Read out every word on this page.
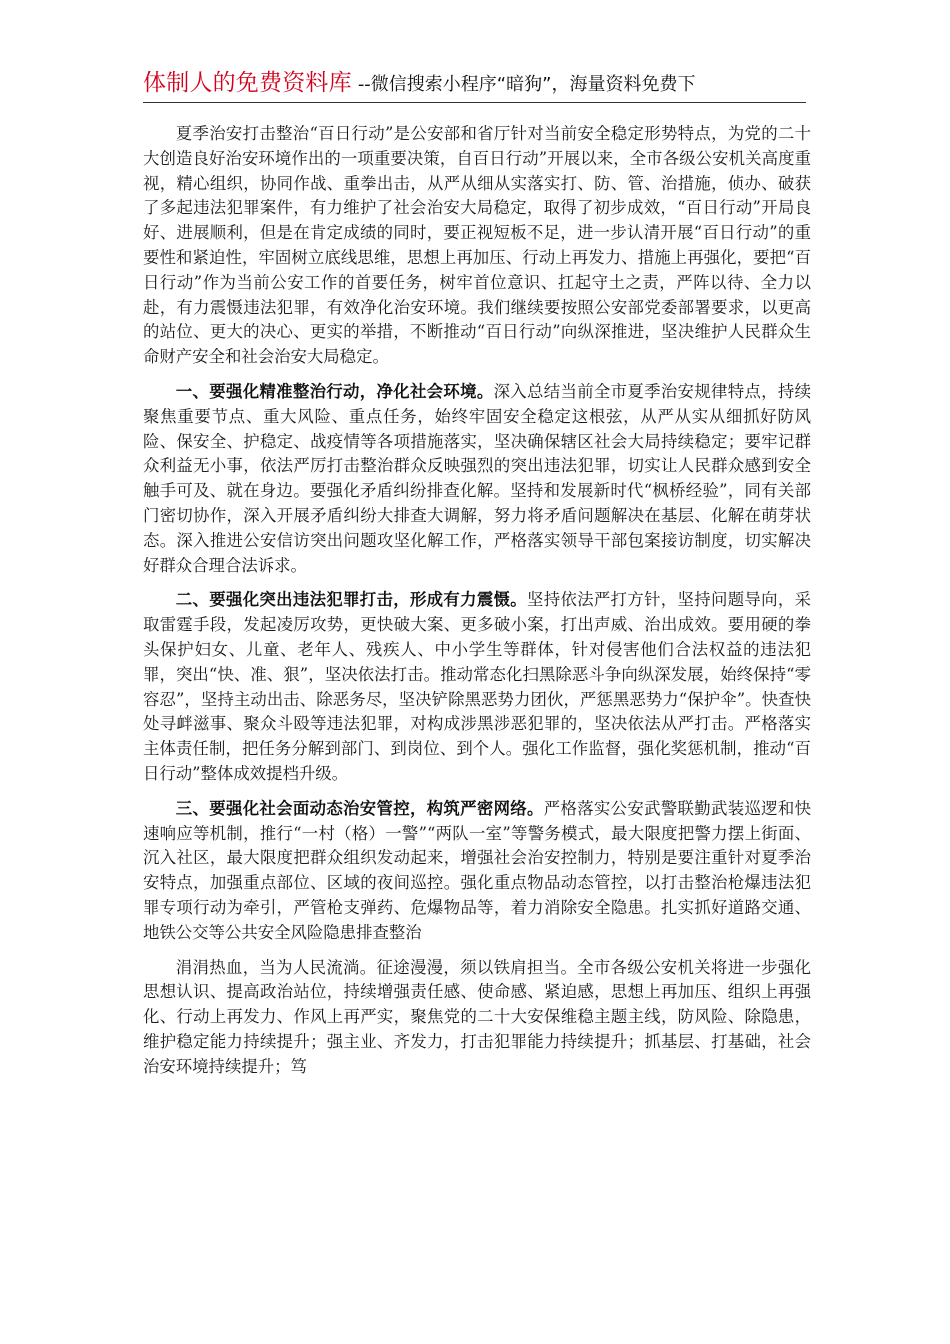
体制人的免费资料库 --微信搜索小程序“暗狗”，海量资料免费下

夏季治安打击整治“百日行动”是公安部和省厅针对当前安全稳定形势特点，为党的二十大创造良好治安环境作出的一项重要决策，自百日行动”开展以来，全市各级公安机关高度重视，精心组织，协同作战、重拳出击，从严从细从实落实打、防、管、治措施，侦办、破获了多起违法犯罪案件，有力维护了社会治安大局稳定，取得了初步成效，“百日行动”开局良好、进展顺利，但是在肯定成绩的同时，要正视短板不足，进一步认清开展“百日行动”的重要性和紧迫性，牢固树立底线思维，思想上再加压、行动上再发力、措施上再强化，要把“百日行动”作为当前公安工作的首要任务，树牢首位意识、扛起守土之责，严阵以待、全力以赴，有力震慑违法犯罪，有效净化治安环境。我们继续要按照公安部党委部署要求，以更高的站位、更大的决心、更实的举措，不断推动“百日行动”向纵深推进，坚决维护人民群众生命财产安全和社会治安大局稳定。

一、要强化精准整治行动，净化社会环境。深入总结当前全市夏季治安规律特点，持续聚焦重要节点、重大风险、重点任务，始终牢固安全稳定这根弦，从严从实从细抓好防风险、保安全、护稳定、战疫情等各项措施落实，坚决确保辖区社会大局持续稳定；要牢记群众利益无小事，依法严厉打击整治群众反映强烈的突出违法犯罪，切实让人民群众感到安全触手可及、就在身边。要强化矛盾纠纷排查化解。坚持和发展新时代“枫桥经验”，同有关部门密切协作，深入开展矛盾纠纷大排查大调解，努力将矛盾问题解决在基层、化解在萌芽状态。深入推进公安信访突出问题攻坚化解工作，严格落实领导干部包案接访制度，切实解决好群众合理合法诉求。

二、要强化突出违法犯罪打击，形成有力震慑。坚持依法严打方针，坚持问题导向，采取雷霆手段，发起凌厉攻势，更快破大案、更多破小案，打出声威、治出成效。要用硬的拳头保护妇女、儿童、老年人、残疾人、中小学生等群体，针对侵害他们合法权益的违法犯罪，突出“快、准、狠”，坚决依法打击。推动常态化扫黑除恶斗争向纵深发展，始终保持“零容忍”，坚持主动出击、除恶务尽，坚决铲除黑恶势力团伙，严惩黑恶势力“保护伞”。快查快处寻衅滋事、聚众斗殴等违法犯罪，对构成涉黑涉恶犯罪的，坚决依法从严打击。严格落实主体责任制，把任务分解到部门、到岗位、到个人。强化工作监督，强化奖惩机制，推动“百日行动”整体成效提档升级。

三、要强化社会面动态治安管控，构筑严密网络。严格落实公安武警联勤武装巡逻和快速响应等机制，推行“一村（格）一警”“两队一室”等警务模式，最大限度把警力摆上街面、沉入社区，最大限度把群众组织发动起来，增强社会治安控制力，特别是要注重针对夏季治安特点，加强重点部位、区域的夜间巡控。强化重点物品动态管控，以打击整治枪爆违法犯罪专项行动为牵引，严管枪支弹药、危爆物品等，着力消除安全隐患。扎实抓好道路交通、地铁公交等公共安全风险隐患排查整治

涓涓热血，当为人民流淌。征途漫漫，须以铁肩担当。全市各级公安机关将进一步强化思想认识、提高政治站位，持续增强责任感、使命感、紧迫感，思想上再加压、组织上再强化、行动上再发力、作风上再严实，聚焦党的二十大安保维稳主题主线，防风险、除隐患，维护稳定能力持续提升；强主业、齐发力，打击犯罪能力持续提升；抓基层、打基础，社会治安环境持续提升；笃
